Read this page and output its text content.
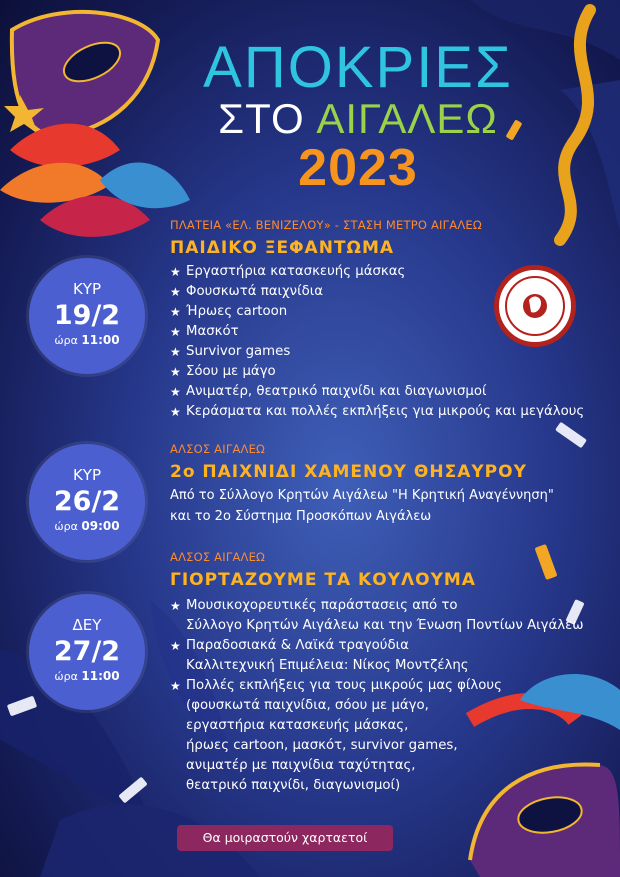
ΑΠΟΚΡΙΕΣ
ΣΤΟ ΑΙΓΑΛΕΩ
2023
ΚΥΡ
19/2
ώρα 11:00

ΠΛΑΤΕΙΑ «ΕΛ. ΒΕΝΙΖΕΛΟΥ» - ΣΤΑΣΗ ΜΕΤΡΟ ΑΙΓΑΛΕΩ

ΠΑΙΔΙΚΟ ΞΕΦΑΝΤΩΜΑ
★ Εργαστήρια κατασκευής μάσκας
★ Φουσκωτά παιχνίδια
★ Ήρωες cartoon
★ Μασκότ
★ Survivor games
★ Σόου με μάγο
★ Ανιματέρ, θεατρικό παιχνίδι και διαγωνισμοί
★ Κεράσματα και πολλές εκπλήξεις για μικρούς και μεγάλους
ΚΥΡ
26/2
ώρα 09:00

ΑΛΣΟΣ ΑΙΓΑΛΕΩ

2ο ΠΑΙΧΝΙΔΙ ΧΑΜΕΝΟΥ ΘΗΣΑΥΡΟΥ
Από το Σύλλογο Κρητών Αιγάλεω "Η Κρητική Αναγέννηση"
και το 2ο Σύστημα Προσκόπων Αιγάλεω
ΔΕΥ
27/2
ώρα 11:00

ΑΛΣΟΣ ΑΙΓΑΛΕΩ

ΓΙΟΡΤΑΖΟΥΜΕ ΤΑ ΚΟΥΛΟΥΜΑ
★ Μουσικοχορευτικές παράστασεις από το
Σύλλογο Κρητών Αιγάλεω και την Ένωση Ποντίων Αιγάλεω
★ Παραδοσιακά & Λαϊκά τραγούδια
Καλλιτεχνική Επιμέλεια: Νίκος Μοντζέλης
★ Πολλές εκπλήξεις για τους μικρούς μας φίλους
(φουσκωτά παιχνίδια, σόου με μάγο,
εργαστήρια κατασκευής μάσκας,
ήρωες cartoon, μασκότ, survivor games,
ανιματέρ με παιχνίδια ταχύτητας,
θεατρικό παιχνίδι, διαγωνισμοί)
Θα μοιραστούν χαρταετοί
